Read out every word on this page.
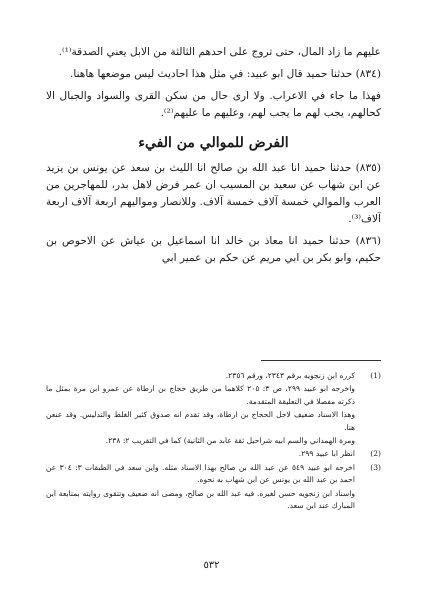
عليهم ما زاد المال، حتى تروج على احدهم الثالثة من الابل يعني الصدقة⁽¹⁾.

(٨٣٤) حدثنا حميد قال ابو عبيد: في مثل هذا احاديث ليس موضعها هاهنا.

فهذا ما جاء في الاعراب. ولا ارى حال من سكن القرى والسواد والجبال الا كحالهم، يجب لهم ما يجب لهم، وعليهم ما عليهم⁽²⁾.

الفرض للموالي من الفيء

(٨٣٥) حدثنا حميد انا عبد الله بن صالح انا الليث بن سعد عن يونس بن يزيد عن ابن شهاب عن سعيد بن المسيب ان عمر فرض لاهل بدر، للمهاجرين من العرب والموالي خمسة آلاف خمسة آلاف. وللانصار ومواليهم اربعة آلاف اربعة آلاف⁽³⁾.

(٨٣٦) حدثنا حميد انا معاذ بن خالد انا اسماعيل بن عياش عن الاحوص بن حكيم، وابو بكر بن ابي مريم عن حكم بن عمير ابي

(1)
كرره ابن زنجويه برقم ٢٣٤٣، ورقم ٢٣٥٦.
واخرجه ابو عبيد ٢٩٩، ص ٣: ٢٠٥ كلاهما من طريق حجاج بن ارطاة عن عمرو ابن مرة بمثل ما ذكرته مفصلا في التعليقة المتقدمة.
وهذا الاسناد ضعيف لاجل الحجاج بن ارطاة، وقد تقدم انه صدوق كثير الغلط والتدليس. وقد عنعن هنا.
ومرة الهمداني والسم ابيه شراحيل ثقة عابد من الثانية) كما في التقريب ٢: ٢٣٨.
(2)
انظر ابا عبيد ٢٩٩.
(3)
اخرجه ابو عبيد ٥٤٩ عن عبد الله بن صالح بهذا الاسناد مثله. واين سعد في الطبقات ٣: ٣٠٤ عن احمد بن عبد الله بن يونس عن ابن شهاب به نحوه.
واسناد ابن زنجويه حسن لغيره. فيه عبد الله بن صالح، ومضى انه ضعيف وتتقوى روايته بمتابعة ابن المبارك عند ابن سعد.
٥٣٢
